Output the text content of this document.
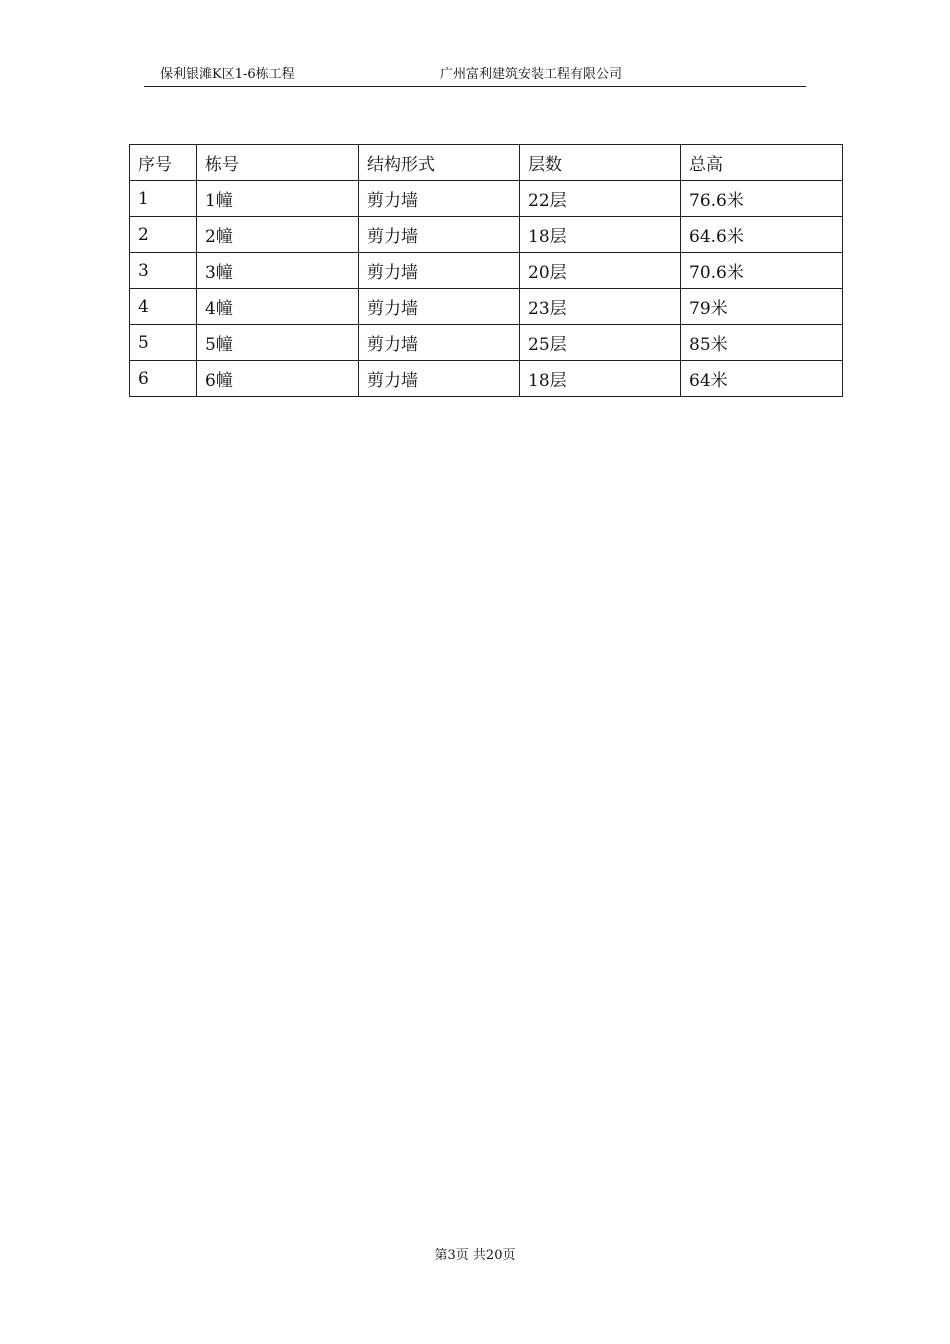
保利银滩K区1-6栋工程	广州富利建筑安装工程有限公司
序号	栋号	结构形式	层数	总高
1	1幢	剪力墙	22层	76.6米
2	2幢	剪力墙	18层	64.6米
3	3幢	剪力墙	20层	70.6米
4	4幢	剪力墙	23层	79米
5	5幢	剪力墙	25层	85米
6	6幢	剪力墙	18层	64米
第3页 共20页
